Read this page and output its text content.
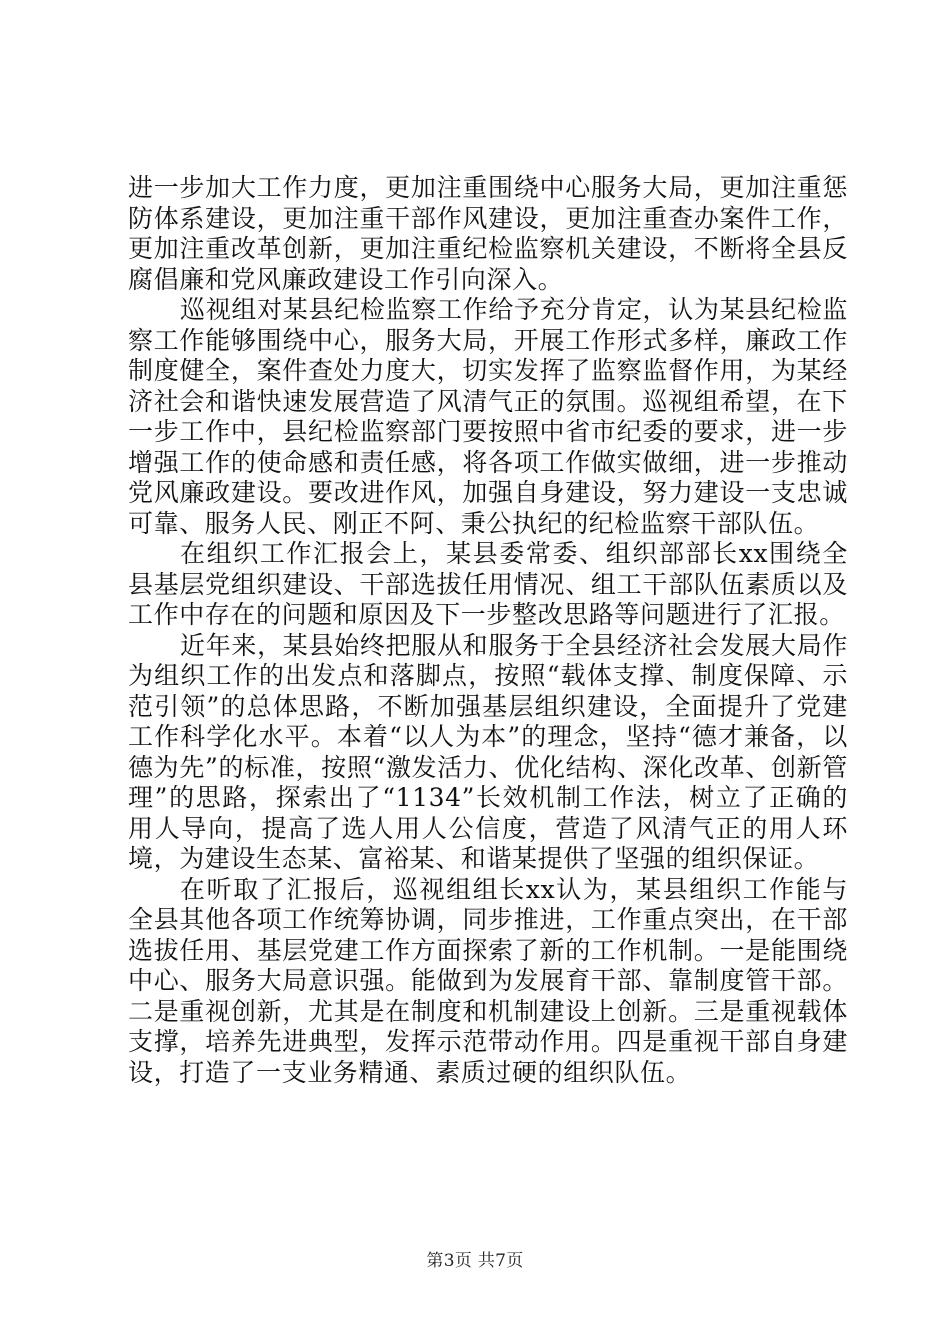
进一步加大工作力度，更加注重围绕中心服务大局，更加注重惩防体系建设，更加注重干部作风建设，更加注重查办案件工作，更加注重改革创新，更加注重纪检监察机关建设，不断将全县反腐倡廉和党风廉政建设工作引向深入。

巡视组对某县纪检监察工作给予充分肯定，认为某县纪检监察工作能够围绕中心，服务大局，开展工作形式多样，廉政工作制度健全，案件查处力度大，切实发挥了监察监督作用，为某经济社会和谐快速发展营造了风清气正的氛围。巡视组希望，在下一步工作中，县纪检监察部门要按照中省市纪委的要求，进一步增强工作的使命感和责任感，将各项工作做实做细，进一步推动党风廉政建设。要改进作风，加强自身建设，努力建设一支忠诚可靠、服务人民、刚正不阿、秉公执纪的纪检监察干部队伍。

在组织工作汇报会上，某县委常委、组织部部长xx围绕全县基层党组织建设、干部选拔任用情况、组工干部队伍素质以及工作中存在的问题和原因及下一步整改思路等问题进行了汇报。

近年来，某县始终把服从和服务于全县经济社会发展大局作为组织工作的出发点和落脚点，按照“载体支撑、制度保障、示范引领”的总体思路，不断加强基层组织建设，全面提升了党建工作科学化水平。本着“以人为本”的理念，坚持“德才兼备，以德为先”的标准，按照“激发活力、优化结构、深化改革、创新管理”的思路，探索出了“1134”长效机制工作法，树立了正确的用人导向，提高了选人用人公信度，营造了风清气正的用人环境，为建设生态某、富裕某、和谐某提供了坚强的组织保证。

在听取了汇报后，巡视组组长xx认为，某县组织工作能与全县其他各项工作统筹协调，同步推进，工作重点突出，在干部选拔任用、基层党建工作方面探索了新的工作机制。一是能围绕中心、服务大局意识强。能做到为发展育干部、靠制度管干部。二是重视创新，尤其是在制度和机制建设上创新。三是重视载体支撑，培养先进典型，发挥示范带动作用。四是重视干部自身建设，打造了一支业务精通、素质过硬的组织队伍。

第3页 共7页
